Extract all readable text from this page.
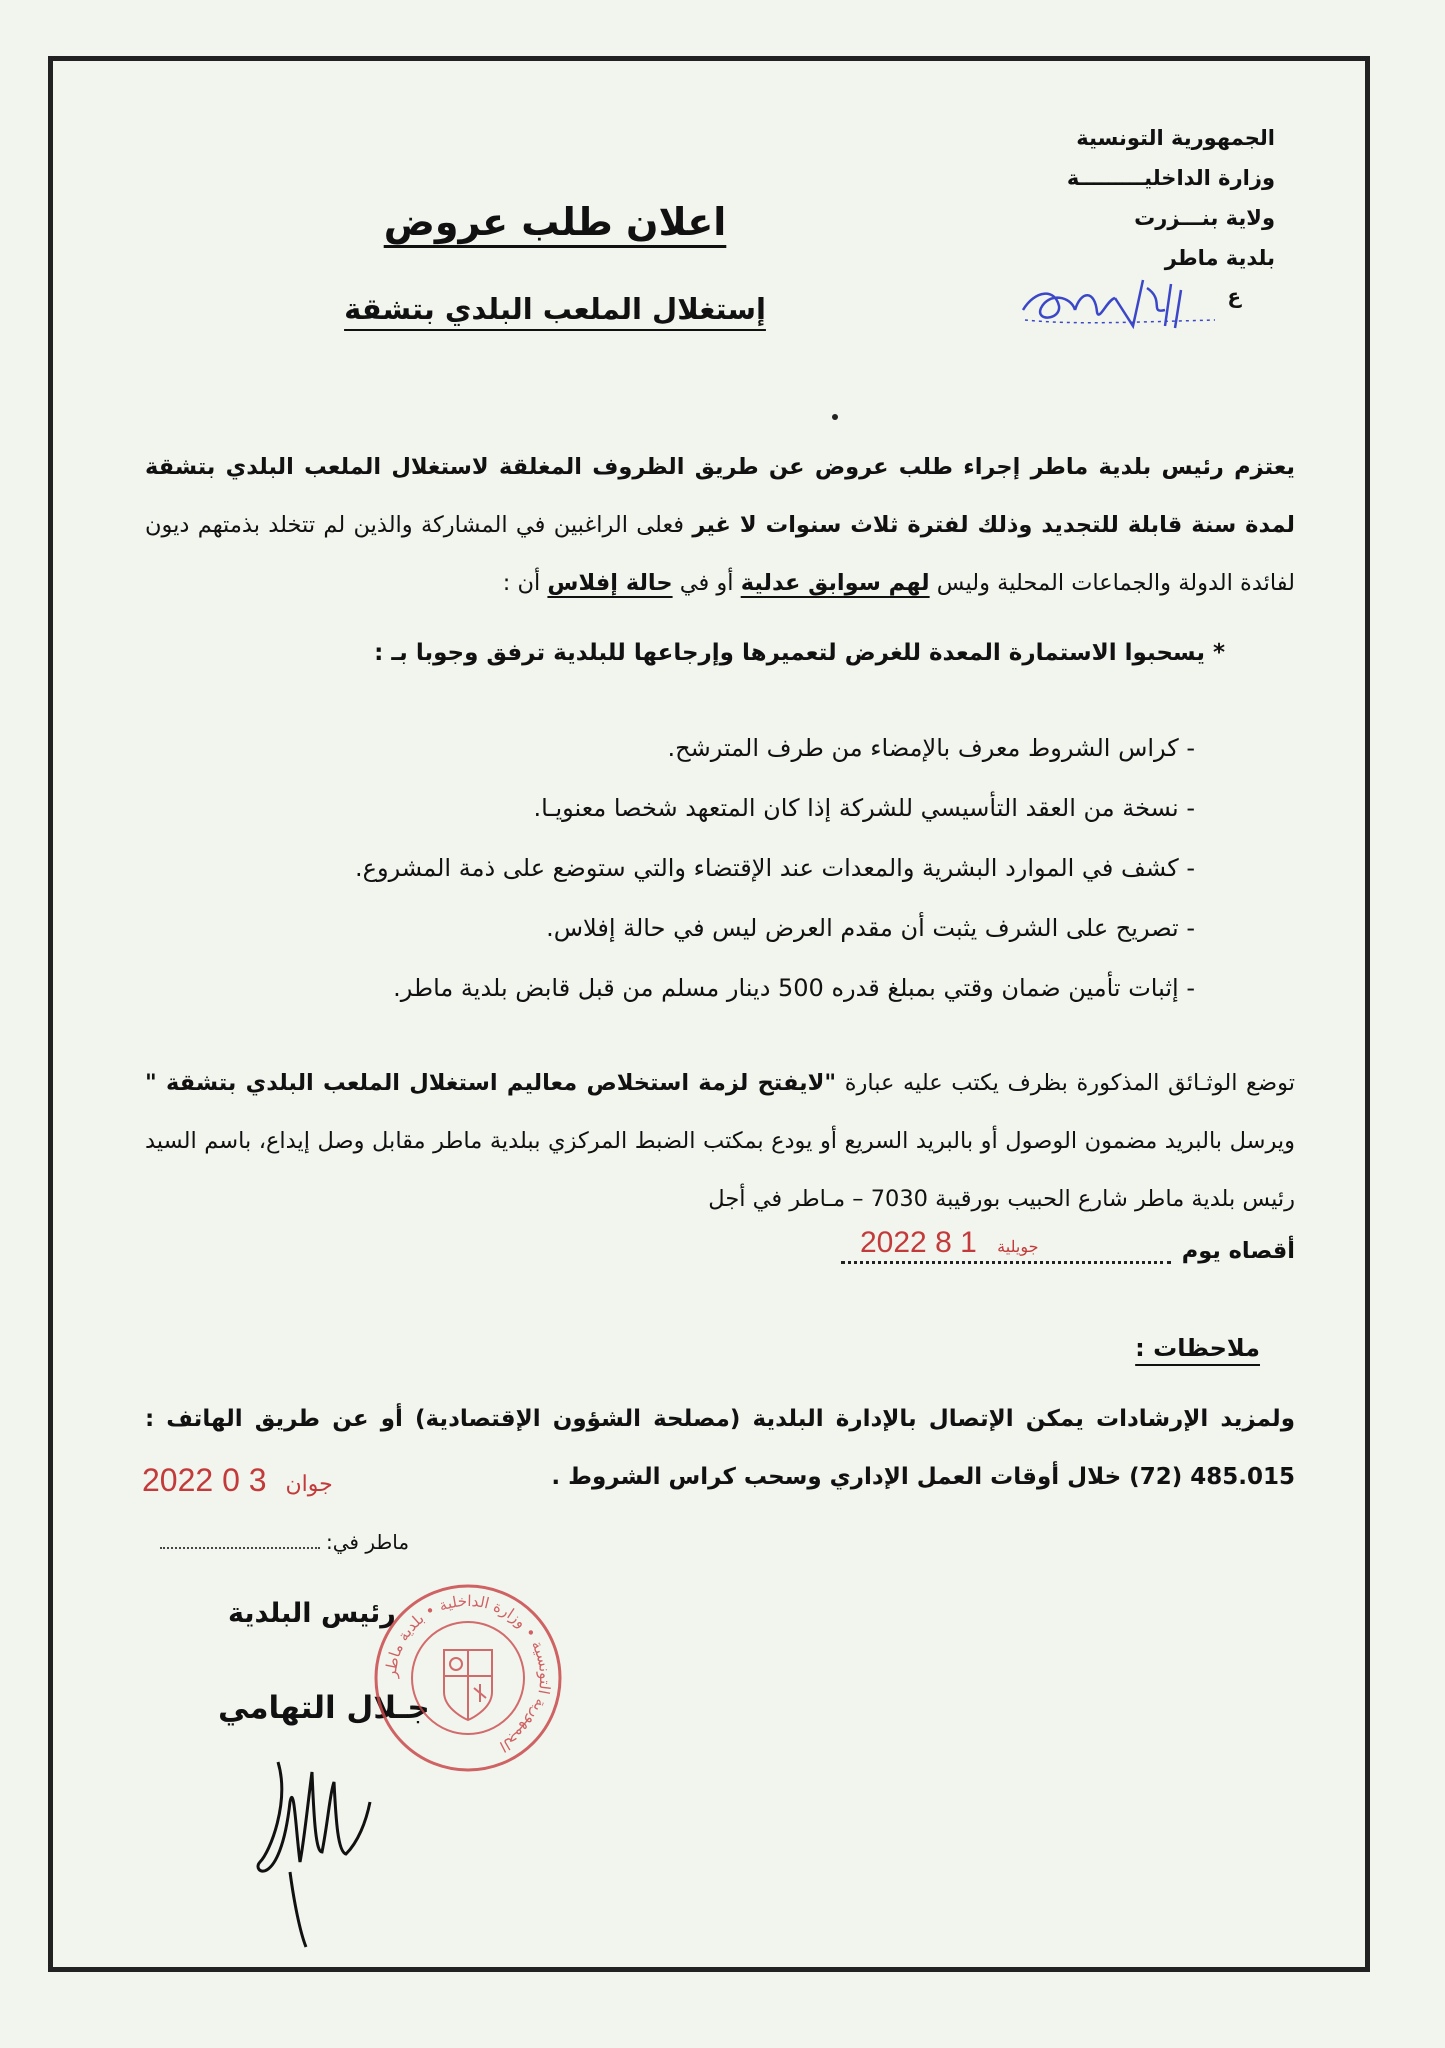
الجمهورية التونسية
وزارة الداخليـــــــــة
ولاية بنـــزرت
بلدية ماطر
ع
اعلان طلب عروض
إستغلال الملعب البلدي بتشقة
يعتزم رئيس بلدية ماطر إجراء طلب عروض عن طريق الظروف المغلقة لاستغلال الملعب البلدي بتشقة لمدة سنة قابلة للتجديد وذلك لفترة ثلاث سنوات لا غير فعلى الراغبين في المشاركة والذين لم تتخلد بذمتهم ديون لفائدة الدولة والجماعات المحلية وليس لهم سوابق عدلية أو في حالة إفلاس أن :
* يسحبوا الاستمارة المعدة للغرض لتعميرها وإرجاعها للبلدية ترفق وجوبا بـ :
- كراس الشروط معرف بالإمضاء من طرف المترشح.
- نسخة من العقد التأسيسي للشركة إذا كان المتعهد شخصا معنويـا.
- كشف في الموارد البشرية والمعدات عند الإقتضاء والتي ستوضع على ذمة المشروع.
- تصريح على الشرف يثبت أن مقدم العرض ليس في حالة إفلاس.
- إثبات تأمين ضمان وقتي بمبلغ قدره 500 دينار مسلم من قبل قابض بلدية ماطر.
توضع الوثـائق المذكورة بظرف يكتب عليه عبارة "لايفتح لزمة استخلاص معاليم استغلال الملعب البلدي بتشقة " ويرسل بالبريد مضمون الوصول أو بالبريد السريع أو يودع بمكتب الضبط المركزي ببلدية ماطر مقابل وصل إيداع، باسم السيد رئيس بلدية ماطر شارع الحبيب بورقيبة 7030 – مـاطر في أجل
أقصاه يوم
2022	جويلية 1 8
ملاحظات :
ولمزيد الإرشادات يمكن الإتصال بالإدارة البلدية (مصلحة الشؤون الإقتصادية) أو عن طريق الهاتف : 485.015 (72) خلال أوقات العمل الإداري وسحب كراس الشروط .
2022	جوان 3 0
ماطر في:
رئيس البلدية
جـلال التهامي
الجمهورية التونسية • وزارة الداخلية • بلدية ماطر
